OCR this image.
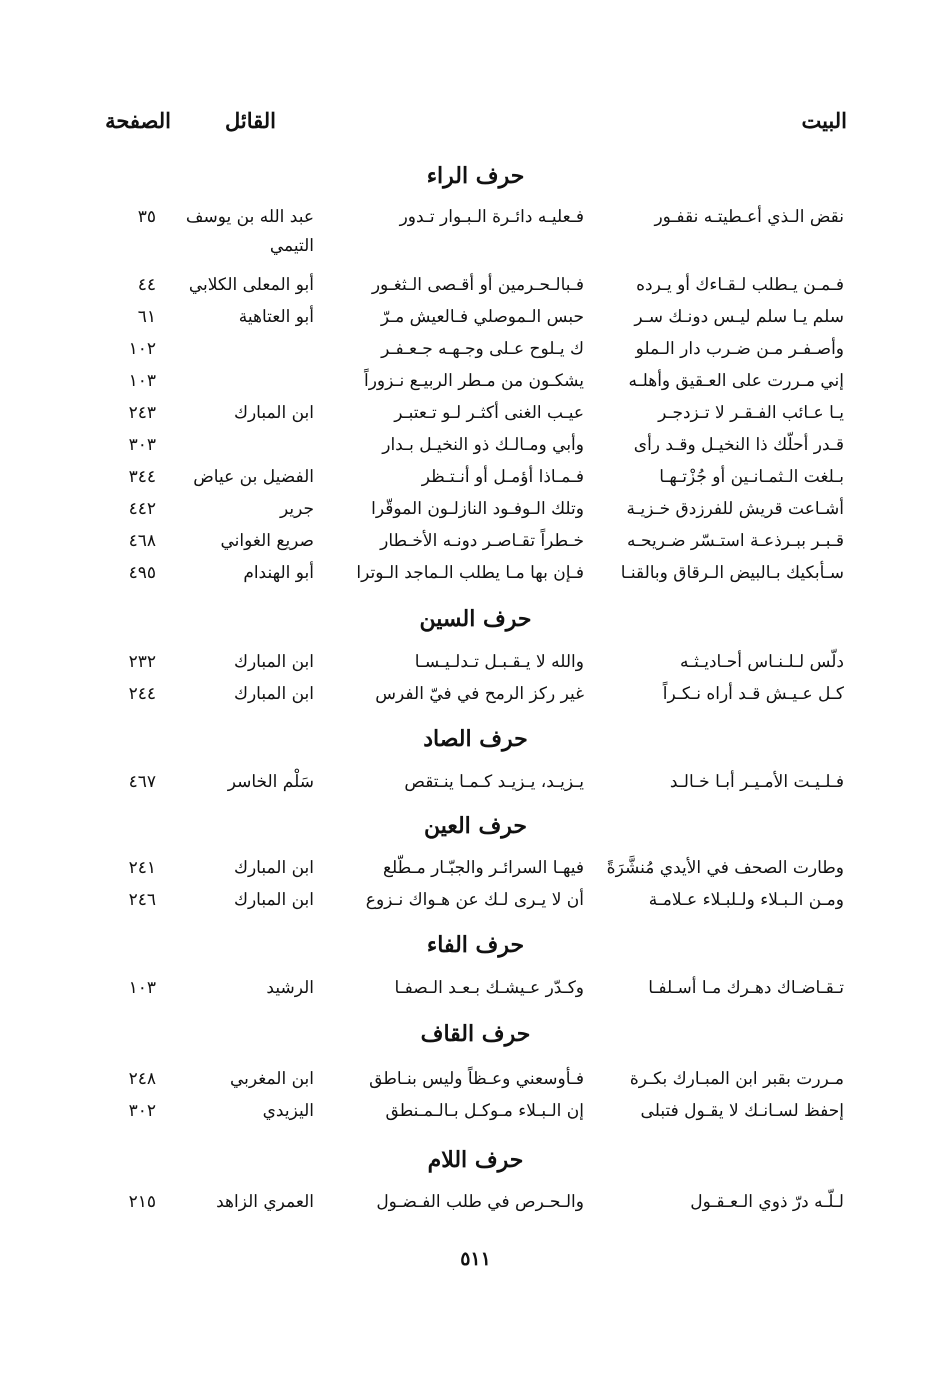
البيت
القائل
الصفحة
حرف الراء
نقض الـذي أعـطيتـه نقفـور
فـعليـه دائـرة الـبـوار تـدور
عبد الله بن يوسف
٣٥
التيمي
فـمـن يـطلب لـقـاءك أو يـرده
فـبالـحـرمين أو أقـصى الـثغـور
أبو المعلى الكلابي
٤٤
سلم يـا سلم ليـس دونـك سـر
حبس الـموصلي فـالعيش مـرّ
أبو العتاهية
٦١
وأصـفـر مـن ضـرب دار الـملو
ك يـلوح عـلى وجـهـه جـعـفـر
١٠٢
إني مـررت على العـقيق وأهلـه
يشكـون من مـطر الربيـع نـزوراً
١٠٣
يـا عـائب الفـقـر لا تـزدجـر
عيـب الغنى أكثـر لـو تـعتبـر
ابن المبارك
٢٤٣
قـدر أحلّك ذا النخيـل وقـد رأى
وأبي ومـالـك ذو النخيـل بـدار
٣٠٣
بـلغت الـثمـانـين أو جُزْتـهـا
فـمـاذا أؤمـل أو أنـتـظر
الفضيل بن عياض
٣٤٤
أشـاعت قريش للفرزدق خـزيـة
وتلك الـوفـود النازلـون الموقّرا
جرير
٤٤٢
قـبـر ببـرذعـة استـسّر ضـريحـه
خـطراً تقـاصـر دونـه الأخـطار
صريع الغواني
٤٦٨
سـأبكيك بـالبيض الـرقاق وبالقنـا
فـإن بها مـا يطلب الـماجد الـوترا
أبو الهندام
٤٩٥
حرف السين
دلّس لـلـنـاس أحـاديـثـه
والله لا يـقـبـل تـدلـيـسـا
ابن المبارك
٢٣٢
كـل عـيـش قـد أراه نـكـراً
غير ركز الرمح في فيّ الفرس
ابن المبارك
٢٤٤
حرف الصاد
فـلـيـت الأمـيـر أبـا خـالـد
يـزيـد، يـزيـد كـمـا ينـتقص
سَلْم الخاسر
٤٦٧
حرف العين
وطارت الصحف في الأيدي مُنشَّرَةً
فيهـا السرائـر والجبّـار مـطّلع
ابن المبارك
٢٤١
ومـن الـبـلاء ولـلبـلاء عـلامـة
أن لا يـرى لـك عن هـواك نـزوع
ابن المبارك
٢٤٦
حرف الفاء
تـقـاضـاك دهـرك مـا أسـلفـا
وكـدّر عـيشـك بـعـد الـصفـا
الرشيد
١٠٣
حرف القاف
مـررت بقبر ابن المبـارك بكـرة
فـأوسعني وعـظاً وليس بنـاطق
ابن المغربي
٢٤٨
إحفظ لسـانـك لا يقـول فتبلى
إن الـبـلاء مـوكـل بـالـمـنطق
اليزيدي
٣٠٢
حرف اللام
لـلّـه درّ ذوي الـعـقـول
والـحـرص في طلب الفـضـول
العمري الزاهد
٢١٥
٥١١
